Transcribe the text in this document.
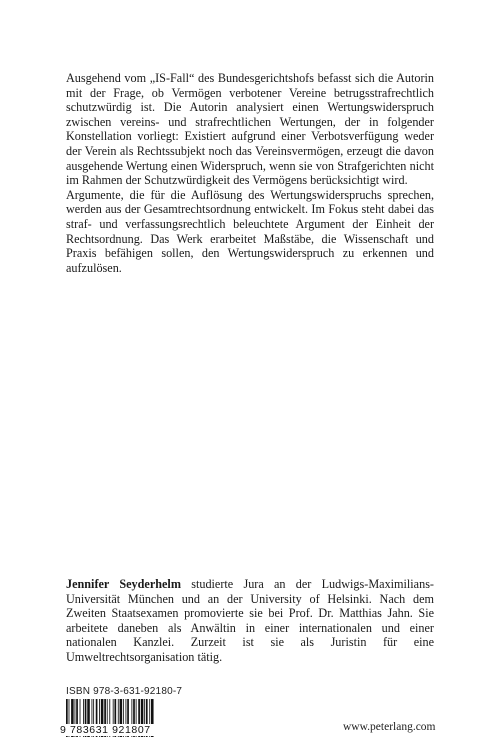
Ausgehend vom „IS-Fall“ des Bundesgerichtshofs befasst sich die Autorin mit der Frage, ob Vermögen verbotener Vereine betrugsstrafrechtlich schutzwürdig ist. Die Autorin analysiert einen Wertungswiderspruch zwischen vereins- und strafrechtlichen Wertungen, der in folgender Konstellation vorliegt: Existiert aufgrund einer Verbotsverfügung weder der Verein als Rechtssubjekt noch das Vereinsvermögen, erzeugt die davon ausgehende Wertung einen Widerspruch, wenn sie von Strafgerichten nicht im Rahmen der Schutzwürdigkeit des Vermögens berücksichtigt wird.

Argumente, die für die Auflösung des Wertungswiderspruchs sprechen, werden aus der Gesamtrechtsordnung entwickelt. Im Fokus steht dabei das straf- und verfassungsrechtlich beleuchtete Argument der Einheit der Rechtsordnung. Das Werk erarbeitet Maßstäbe, die Wissenschaft und Praxis befähigen sollen, den Wertungswiderspruch zu erkennen und aufzulösen.

Jennifer Seyderhelm studierte Jura an der Ludwigs-Maximilians-Universität München und an der University of Helsinki. Nach dem Zweiten Staatsexamen promovierte sie bei Prof. Dr. Matthias Jahn. Sie arbeitete daneben als Anwältin in einer internationalen und einer nationalen Kanzlei. Zurzeit ist sie als Juristin für eine Umweltrechtsorganisation tätig.

ISBN 978-3-631-92180-7
9 783631 921807	www.peterlang.com
